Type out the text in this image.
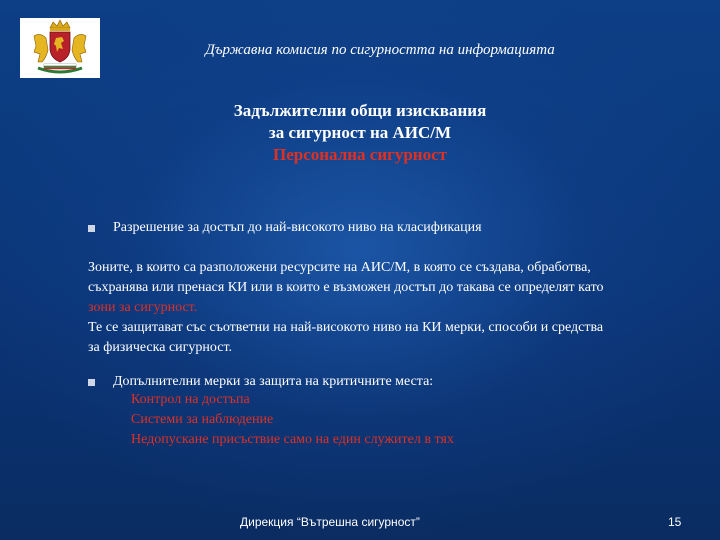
Държавна комисия по сигурността на информацията
Задължителни общи изисквания
за сигурност на АИС/М
Персонална сигурност
Разрешение за достъп до най-високото ниво на класификация
Зоните, в които са разположени ресурсите на АИС/М, в която се създава, обработва,
съхранява или пренася КИ или в които е възможен достъп до такава се определят като
зони за сигурност.
Те се защитават със съответни на най-високото ниво на КИ мерки, способи и средства
за физическа сигурност.
Допълнителни мерки за защита на критичните места:
Контрол на достъпа
Системи за наблюдение
Недопускане присъствие само на един служител в тях
Дирекция “Вътрешна сигурност”	15
